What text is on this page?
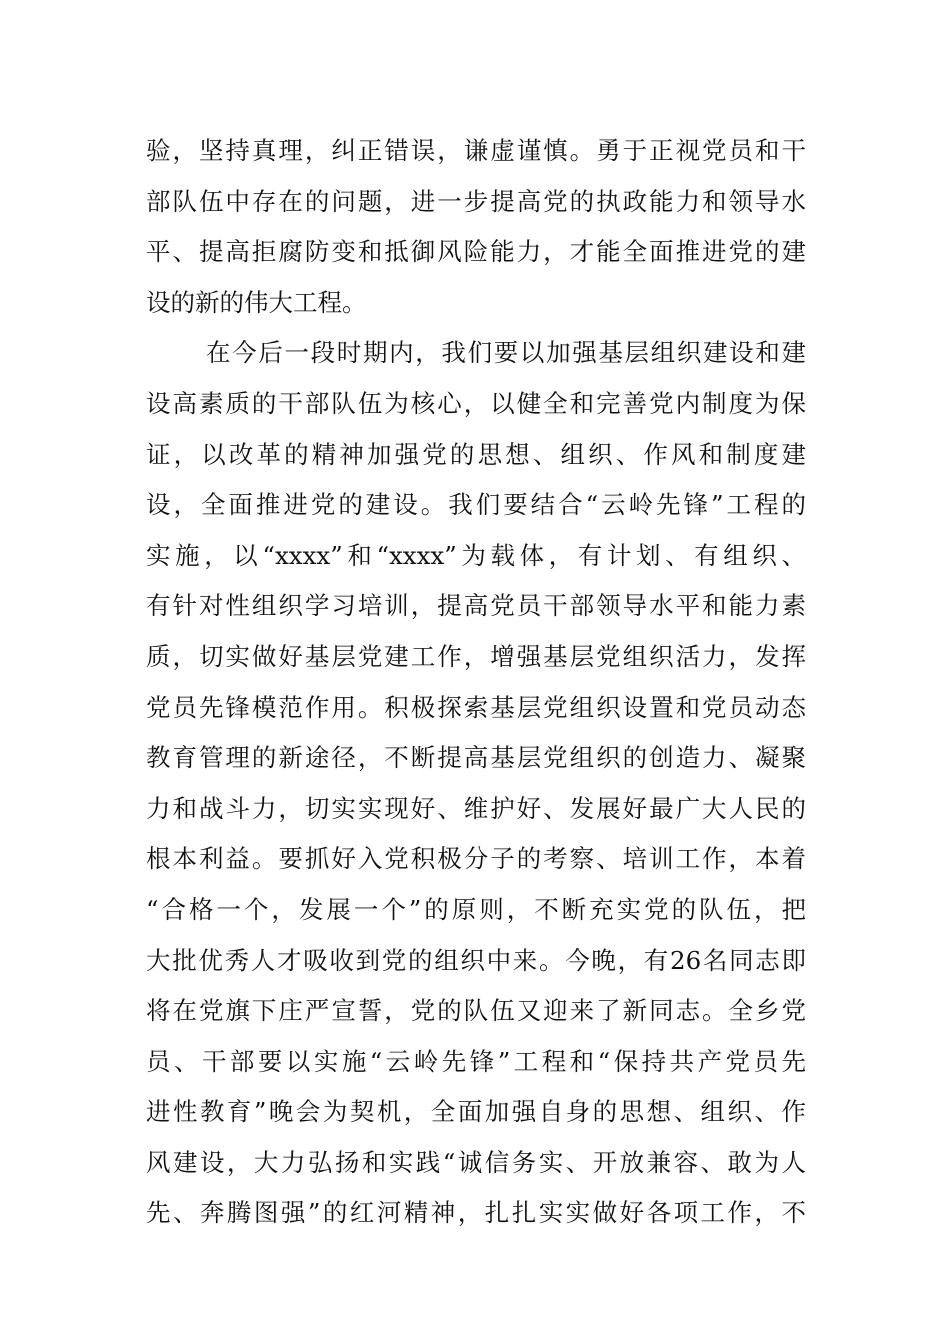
验，坚持真理，纠正错误，谦虚谨慎。勇于正视党员和干
部队伍中存在的问题，进一步提高党的执政能力和领导水
平、提高拒腐防变和抵御风险能力，才能全面推进党的建
设的新的伟大工程。
在今后一段时期内，我们要以加强基层组织建设和建
设高素质的干部队伍为核心，以健全和完善党内制度为保
证，以改革的精神加强党的思想、组织、作风和制度建
设，全面推进党的建设。我们要结合“云岭先锋”工程的
实施，以“xxxx”和“xxxx”为载体，有计划、有组织、
有针对性组织学习培训，提高党员干部领导水平和能力素
质，切实做好基层党建工作，增强基层党组织活力，发挥
党员先锋模范作用。积极探索基层党组织设置和党员动态
教育管理的新途径，不断提高基层党组织的创造力、凝聚
力和战斗力，切实实现好、维护好、发展好最广大人民的
根本利益。要抓好入党积极分子的考察、培训工作，本着
“合格一个，发展一个”的原则，不断充实党的队伍，把
大批优秀人才吸收到党的组织中来。今晚，有26名同志即
将在党旗下庄严宣誓，党的队伍又迎来了新同志。全乡党
员、干部要以实施“云岭先锋”工程和“保持共产党员先
进性教育”晚会为契机，全面加强自身的思想、组织、作
风建设，大力弘扬和实践“诚信务实、开放兼容、敢为人
先、奔腾图强”的红河精神，扎扎实实做好各项工作，不
